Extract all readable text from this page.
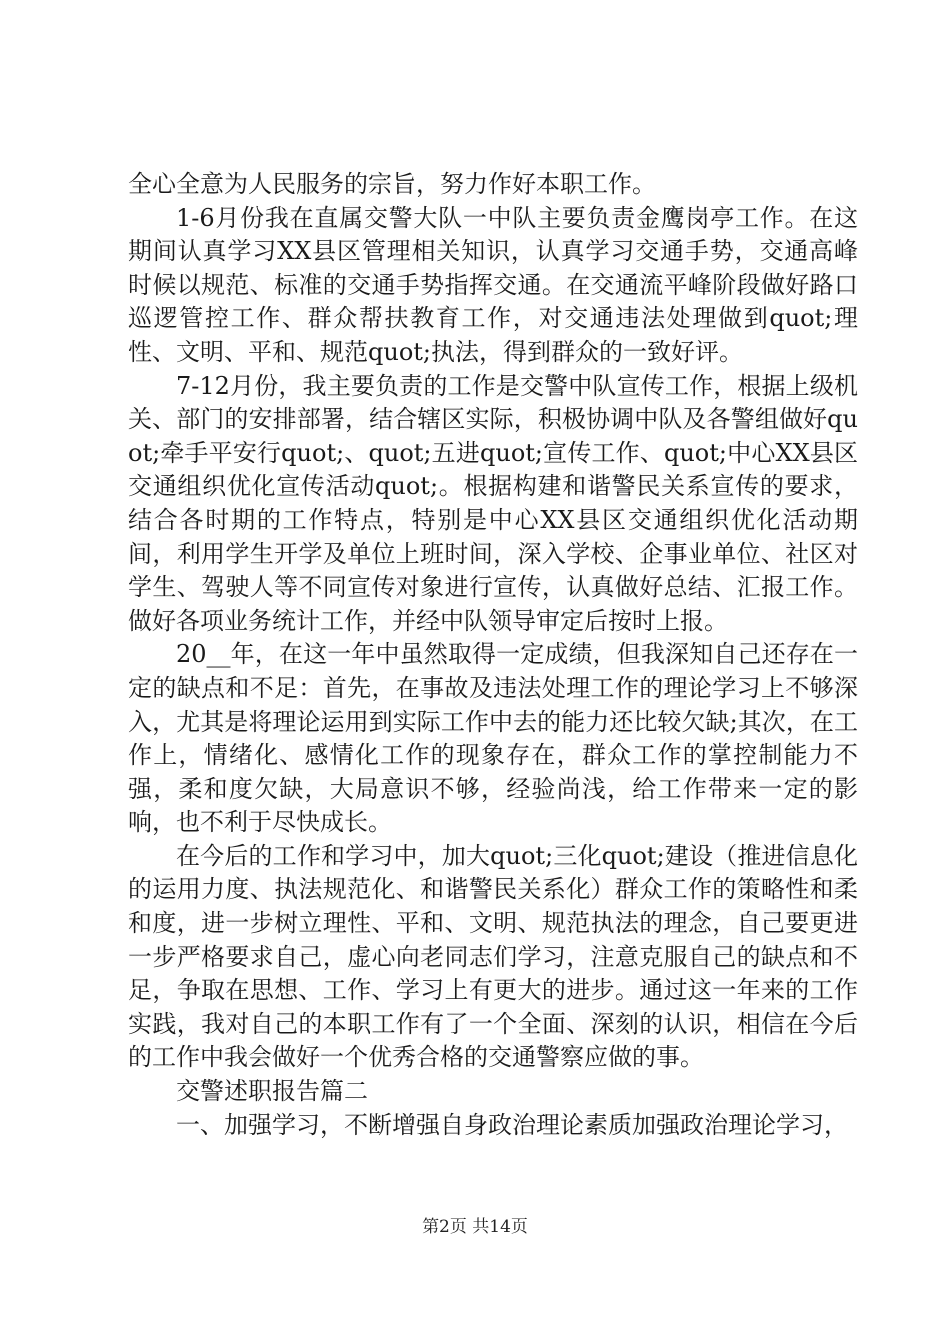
全心全意为人民服务的宗旨，努力作好本职工作。

1-6月份我在直属交警大队一中队主要负责金鹰岗亭工作。在这期间认真学习XX县区管理相关知识，认真学习交通手势，交通高峰时候以规范、标准的交通手势指挥交通。在交通流平峰阶段做好路口巡逻管控工作、群众帮扶教育工作，对交通违法处理做到quot;理性、文明、平和、规范quot;执法，得到群众的一致好评。

7-12月份，我主要负责的工作是交警中队宣传工作，根据上级机关、部门的安排部署，结合辖区实际，积极协调中队及各警组做好quot;牵手平安行quot;、quot;五进quot;宣传工作、quot;中心XX县区交通组织优化宣传活动quot;。根据构建和谐警民关系宣传的要求，结合各时期的工作特点，特别是中心XX县区交通组织优化活动期间，利用学生开学及单位上班时间，深入学校、企事业单位、社区对学生、驾驶人等不同宣传对象进行宣传，认真做好总结、汇报工作。做好各项业务统计工作，并经中队领导审定后按时上报。

20__年，在这一年中虽然取得一定成绩，但我深知自己还存在一定的缺点和不足：首先，在事故及违法处理工作的理论学习上不够深入，尤其是将理论运用到实际工作中去的能力还比较欠缺;其次，在工作上，情绪化、感情化工作的现象存在，群众工作的掌控制能力不强，柔和度欠缺，大局意识不够，经验尚浅，给工作带来一定的影响，也不利于尽快成长。

在今后的工作和学习中，加大quot;三化quot;建设（推进信息化的运用力度、执法规范化、和谐警民关系化）群众工作的策略性和柔和度，进一步树立理性、平和、文明、规范执法的理念，自己要更进一步严格要求自己，虚心向老同志们学习，注意克服自己的缺点和不足，争取在思想、工作、学习上有更大的进步。通过这一年来的工作实践，我对自己的本职工作有了一个全面、深刻的认识，相信在今后的工作中我会做好一个优秀合格的交通警察应做的事。

交警述职报告篇二

一、加强学习，不断增强自身政治理论素质加强政治理论学习，

第2页 共14页
